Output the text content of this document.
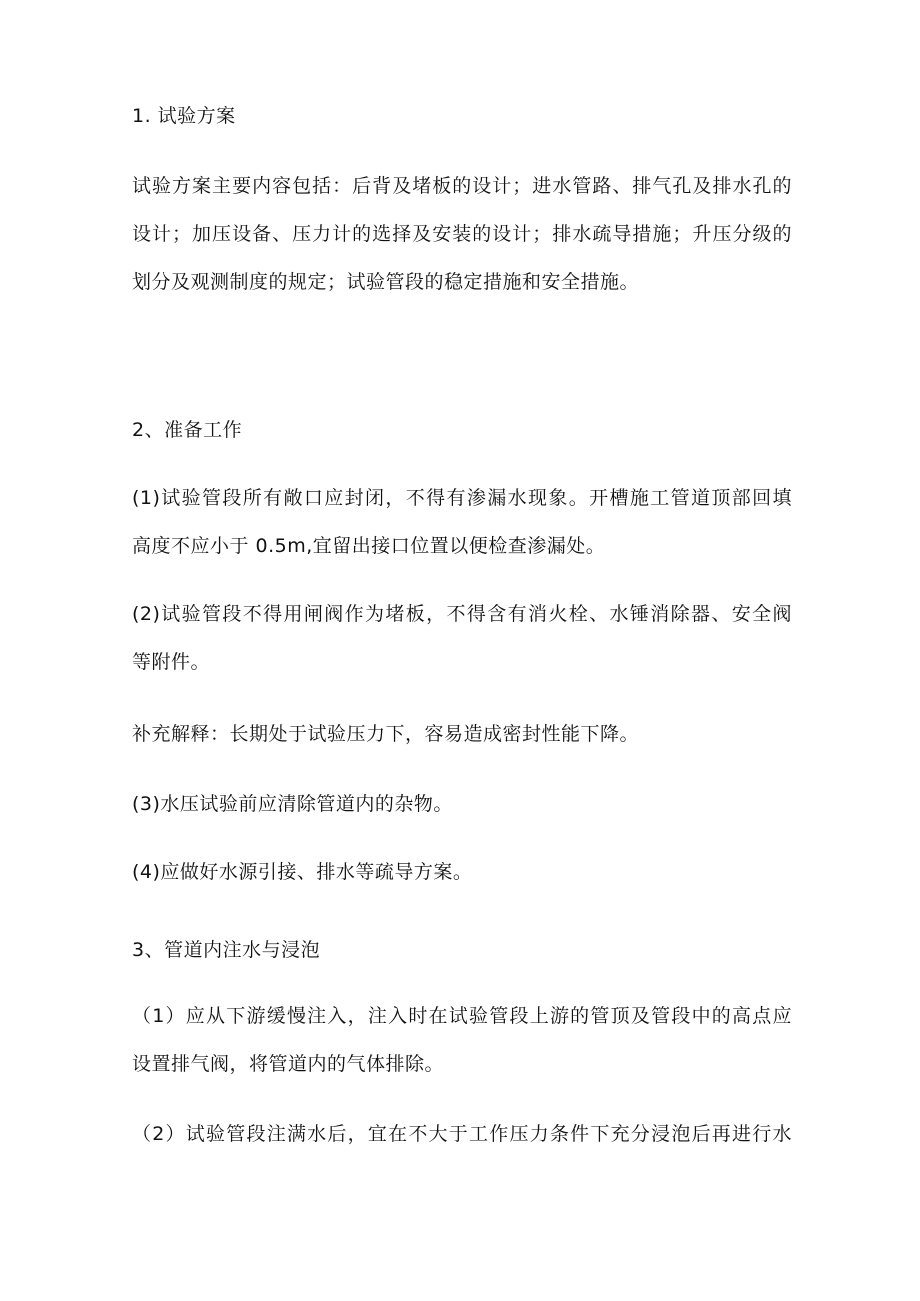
1. 试验方案
试验方案主要内容包括：后背及堵板的设计；进水管路、排气孔及排水孔的
设计；加压设备、压力计的选择及安装的设计；排水疏导措施；升压分级的
划分及观测制度的规定；试验管段的稳定措施和安全措施。
2、准备工作
(1)试验管段所有敞口应封闭，不得有渗漏水现象。开槽施工管道顶部回填
高度不应小于 0.5m,宜留出接口位置以便检查渗漏处。
(2)试验管段不得用闸阀作为堵板，不得含有消火栓、水锤消除器、安全阀
等附件。
补充解释：长期处于试验压力下，容易造成密封性能下降。
(3)水压试验前应清除管道内的杂物。
(4)应做好水源引接、排水等疏导方案。
3、管道内注水与浸泡
（1）应从下游缓慢注入，注入时在试验管段上游的管顶及管段中的高点应
设置排气阀，将管道内的气体排除。
（2）试验管段注满水后，宜在不大于工作压力条件下充分浸泡后再进行水
